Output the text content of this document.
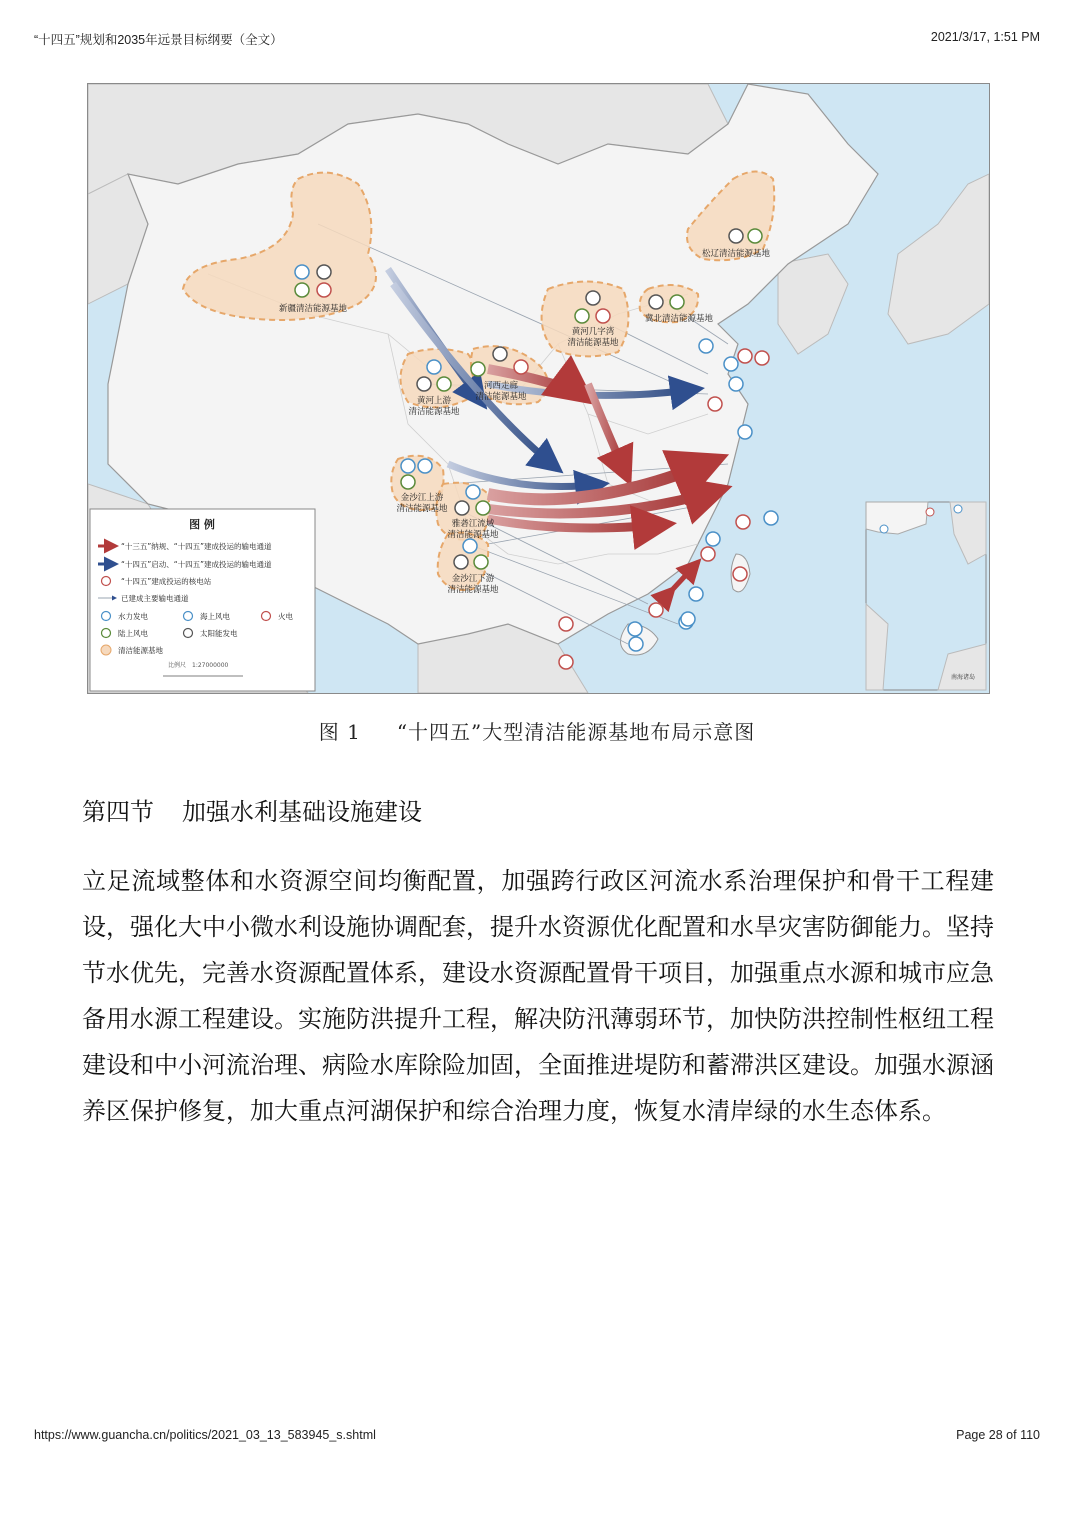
“十四五”规划和2035年远景目标纲要（全文）	2021/3/17, 1:51 PM
新疆清洁能源基地
黄河上游
清洁能源基地
河西走廊
清洁能源基地
黄河几字湾
清洁能源基地
冀北清洁能源基地
松辽清洁能源基地
金沙江上游
清洁能源基地
雅砻江流域
清洁能源基地
金沙江下游
清洁能源基地
图 例
“十三五”纳规、“十四五”建成投运的输电通道
“十四五”启动、“十四五”建成投运的输电通道
“十四五”建成投运的核电站
已建成主要输电通道
水力发电	海上风电	火电
陆上风电	太阳能发电
清洁能源基地
比例尺　1:27000000
南海诸岛
图 1 “十四五”大型清洁能源基地布局示意图
第四节 加强水利基础设施建设

立足流域整体和水资源空间均衡配置，加强跨行政区河流水系治理保护和骨干工程建设，强化大中小微水利设施协调配套，提升水资源优化配置和水旱灾害防御能力。坚持节水优先，完善水资源配置体系，建设水资源配置骨干项目，加强重点水源和城市应急备用水源工程建设。实施防洪提升工程，解决防汛薄弱环节，加快防洪控制性枢纽工程建设和中小河流治理、病险水库除险加固，全面推进堤防和蓄滞洪区建设。加强水源涵养区保护修复，加大重点河湖保护和综合治理力度，恢复水清岸绿的水生态体系。

https://www.guancha.cn/politics/2021_03_13_583945_s.shtml	Page 28 of 110
